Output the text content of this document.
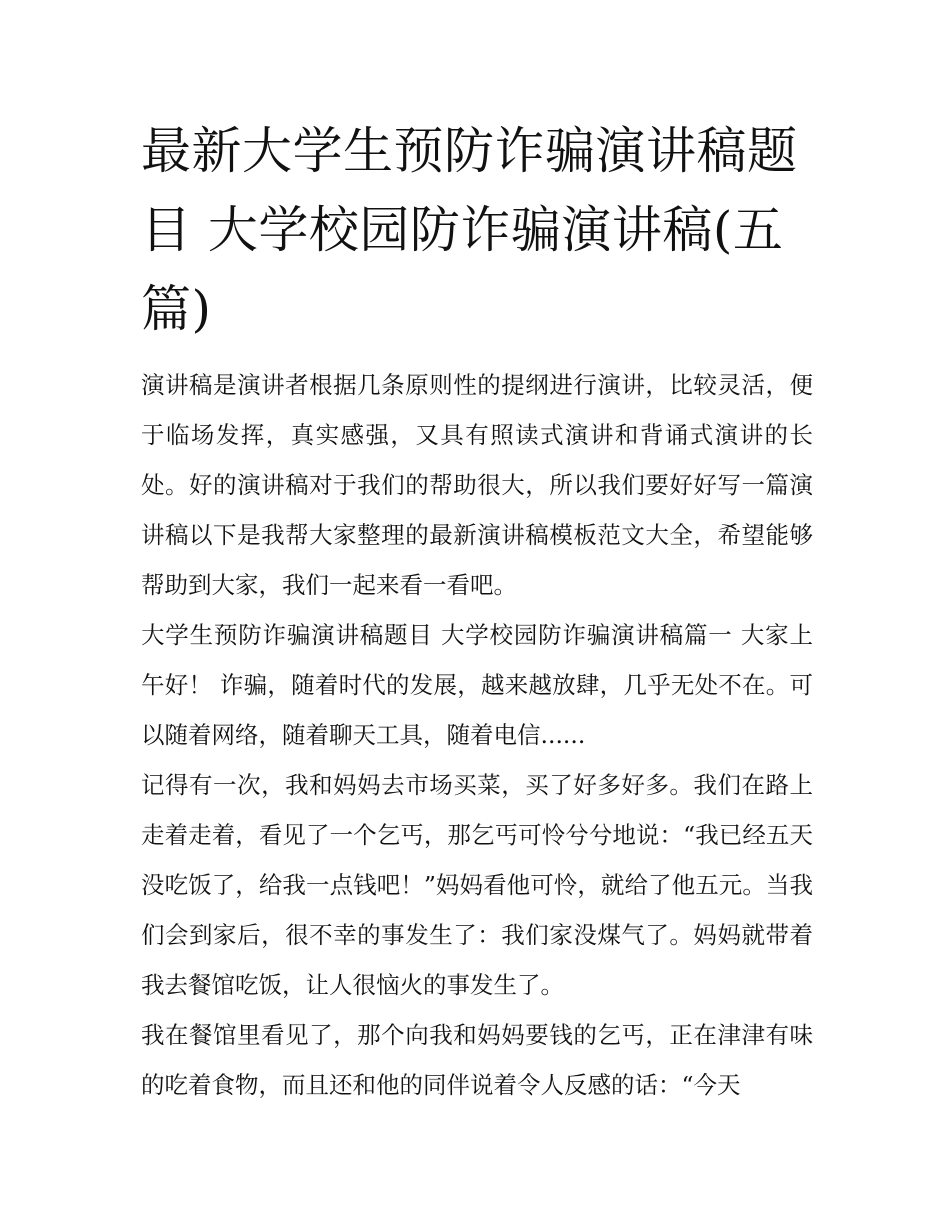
最新大学生预防诈骗演讲稿题目 大学校园防诈骗演讲稿(五篇)

演讲稿是演讲者根据几条原则性的提纲进行演讲，比较灵活，便于临场发挥，真实感强，又具有照读式演讲和背诵式演讲的长处。好的演讲稿对于我们的帮助很大，所以我们要好好写一篇演讲稿以下是我帮大家整理的最新演讲稿模板范文大全，希望能够帮助到大家，我们一起来看一看吧。

大学生预防诈骗演讲稿题目 大学校园防诈骗演讲稿篇一 大家上午好！ 诈骗，随着时代的发展，越来越放肆，几乎无处不在。可以随着网络，随着聊天工具，随着电信......

记得有一次，我和妈妈去市场买菜，买了好多好多。我们在路上走着走着，看见了一个乞丐，那乞丐可怜兮兮地说：“我已经五天没吃饭了，给我一点钱吧！”妈妈看他可怜，就给了他五元。当我们会到家后，很不幸的事发生了：我们家没煤气了。妈妈就带着我去餐馆吃饭，让人很恼火的事发生了。

我在餐馆里看见了，那个向我和妈妈要钱的乞丐，正在津津有味的吃着食物，而且还和他的同伴说着令人反感的话：“今天
